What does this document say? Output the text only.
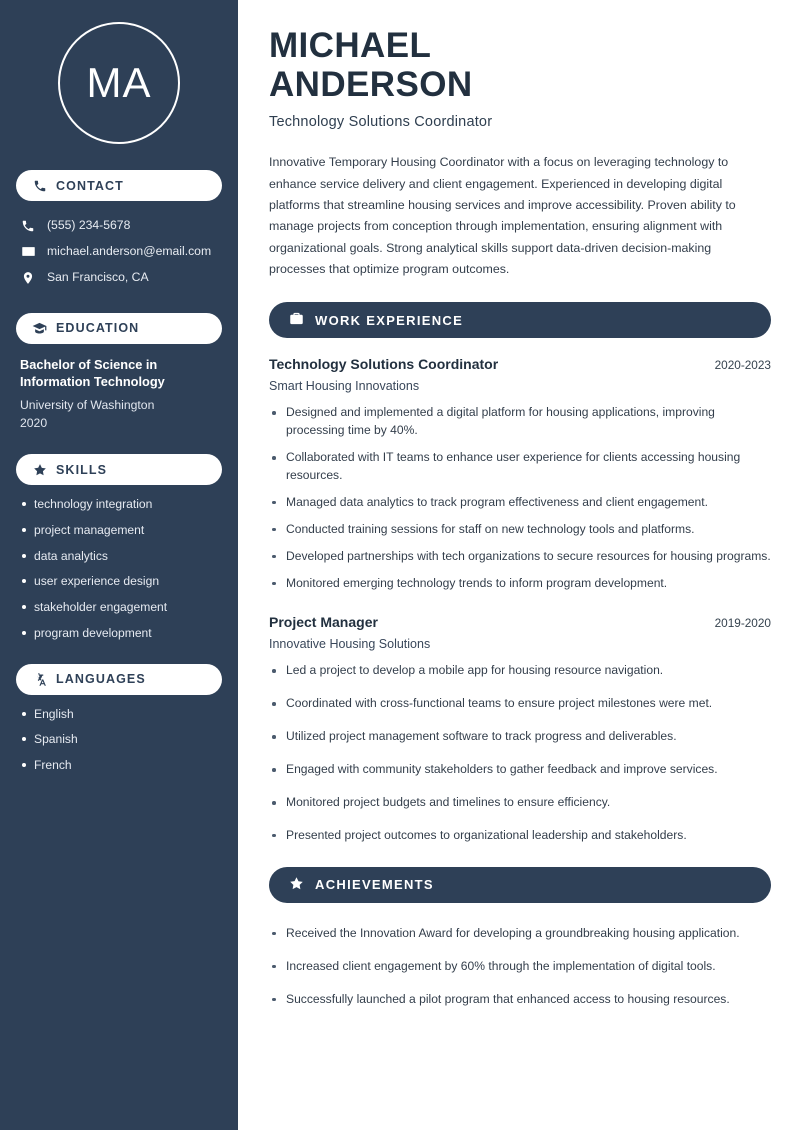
MA
CONTACT
(555) 234-5678
michael.anderson@email.com
San Francisco, CA
EDUCATION
Bachelor of Science in Information Technology
University of Washington
2020
SKILLS
technology integration
project management
data analytics
user experience design
stakeholder engagement
program development
LANGUAGES
English
Spanish
French
MICHAEL
ANDERSON
Technology Solutions Coordinator

Innovative Temporary Housing Coordinator with a focus on leveraging technology to enhance service delivery and client engagement. Experienced in developing digital platforms that streamline housing services and improve accessibility. Proven ability to manage projects from conception through implementation, ensuring alignment with organizational goals. Strong analytical skills support data-driven decision-making processes that optimize program outcomes.

WORK EXPERIENCE
Technology Solutions Coordinator	2020-2023
Smart Housing Innovations
Designed and implemented a digital platform for housing applications, improving processing time by 40%.
Collaborated with IT teams to enhance user experience for clients accessing housing resources.
Managed data analytics to track program effectiveness and client engagement.
Conducted training sessions for staff on new technology tools and platforms.
Developed partnerships with tech organizations to secure resources for housing programs.
Monitored emerging technology trends to inform program development.
Project Manager	2019-2020
Innovative Housing Solutions
Led a project to develop a mobile app for housing resource navigation.
Coordinated with cross-functional teams to ensure project milestones were met.
Utilized project management software to track progress and deliverables.
Engaged with community stakeholders to gather feedback and improve services.
Monitored project budgets and timelines to ensure efficiency.
Presented project outcomes to organizational leadership and stakeholders.
ACHIEVEMENTS
Received the Innovation Award for developing a groundbreaking housing application.
Increased client engagement by 60% through the implementation of digital tools.
Successfully launched a pilot program that enhanced access to housing resources.
